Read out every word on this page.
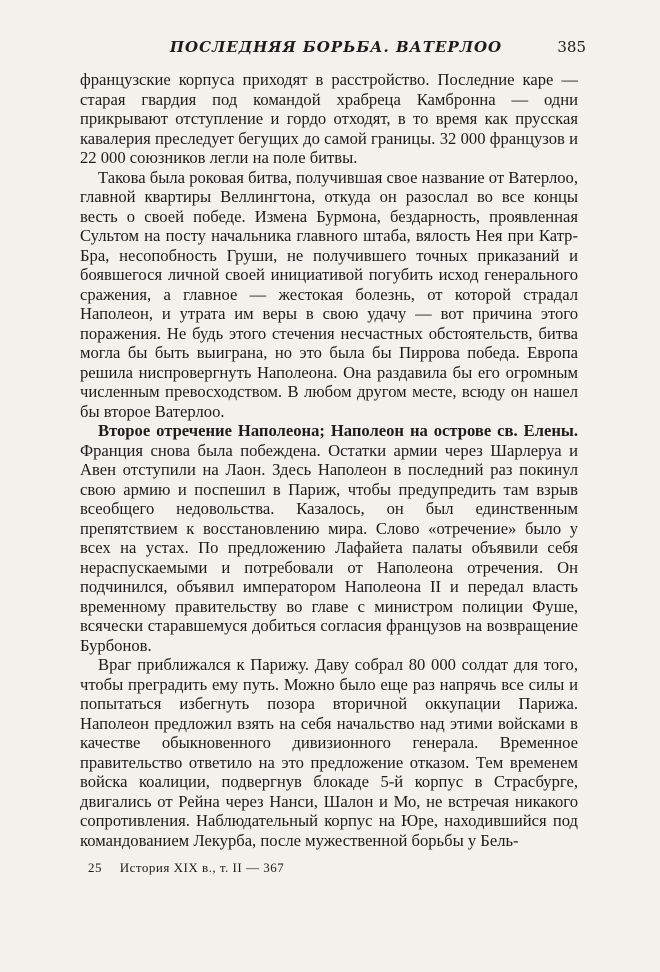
ПОСЛЕДНЯЯ БОРЬБА. ВАТЕРЛОО	385

французские корпуса приходят в расстройство. Последние каре — старая гвардия под командой храбреца Камбронна — одни прикрывают отступление и гордо отходят, в то время как прусская кавалерия преследует бегущих до самой границы. 32 000 французов и 22 000 союзников легли на поле битвы.

Такова была роковая битва, получившая свое название от Ватерлоо, главной квартиры Веллингтона, откуда он разослал во все концы весть о своей победе. Измена Бурмона, бездарность, проявленная Сультом на посту начальника главного штаба, вялость Нея при Катр-Бра, несопобность Груши, не получившего точных приказаний и боявшегося личной своей инициативой погубить исход генерального сражения, а главное — жестокая болезнь, от которой страдал Наполеон, и утрата им веры в свою удачу — вот причина этого поражения. Не будь этого стечения несчастных обстоятельств, битва могла бы быть выиграна, но это была бы Пиррова победа. Европа решила ниспровергнуть Наполеона. Она раздавила бы его огромным численным превосходством. В любом другом месте, всюду он нашел бы второе Ватерлоо.

Второе отречение Наполеона; Наполеон на острове св. Елены. Франция снова была побеждена. Остатки армии через Шарлеруа и Авен отступили на Лаон. Здесь Наполеон в последний раз покинул свою армию и поспешил в Париж, чтобы предупредить там взрыв всеобщего недовольства. Казалось, он был единственным препятствием к восстановлению мира. Слово «отречение» было у всех на устах. По предложению Лафайета палаты объявили себя нераспускаемыми и потребовали от Наполеона отречения. Он подчинился, объявил императором Наполеона II и передал власть временному правительству во главе с министром полиции Фуше, всячески старавшемуся добиться согласия французов на возвращение Бурбонов.

Враг приближался к Парижу. Даву собрал 80 000 солдат для того, чтобы преградить ему путь. Можно было еще раз напрячь все силы и попытаться избегнуть позора вторичной оккупации Парижа. Наполеон предложил взять на себя начальство над этими войсками в качестве обыкновенного дивизионного генерала. Временное правительство ответило на это предложение отказом. Тем временем войска коалиции, подвергнув блокаде 5-й корпус в Страсбурге, двигались от Рейна через Нанси, Шалон и Мо, не встречая никакого сопротивления. Наблюдательный корпус на Юре, находившийся под командованием Лекурба, после мужественной борьбы у Бель-

25 История XIX в., т. II — 367
